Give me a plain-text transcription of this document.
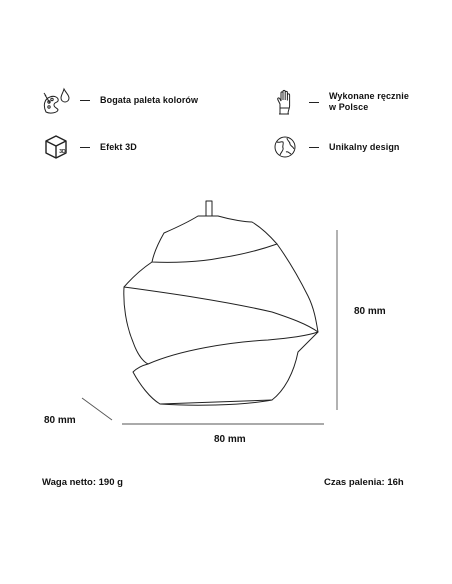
Bogata paleta kolorów	Wykonane ręcznie
w Polsce
3D
Efekt 3D	Unikalny design
80 mm
80 mm
80 mm
Waga netto: 190 g	Czas palenia: 16h
